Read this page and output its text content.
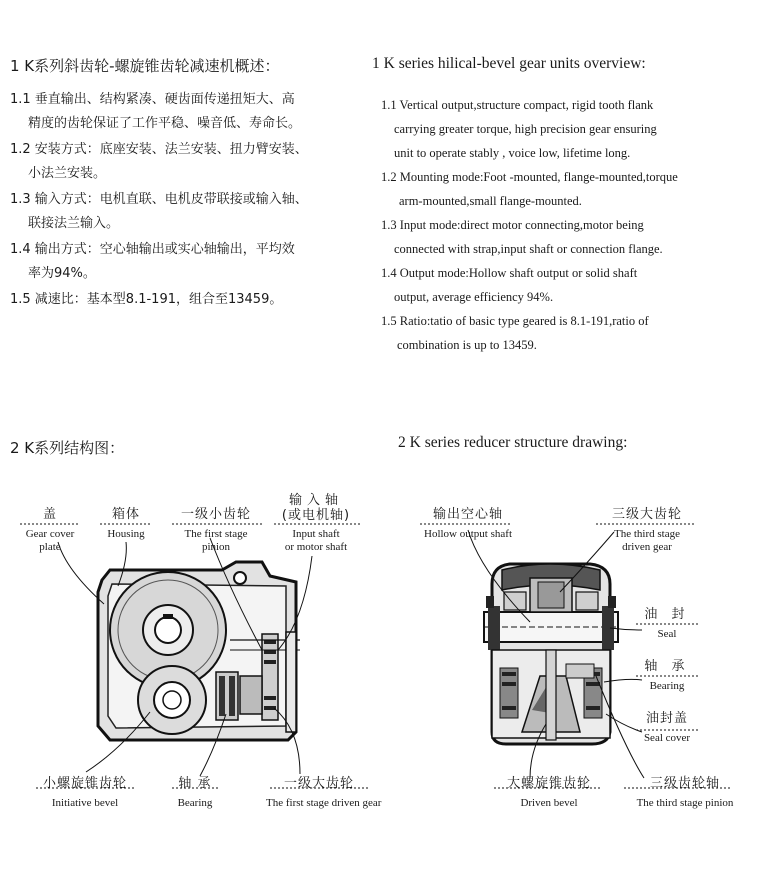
1 K系列斜齿轮-螺旋锥齿轮减速机概述：	1 K series hilical-bevel gear units overview:

1.1 垂直输出、结构紧凑、硬齿面传递扭矩大、高
精度的齿轮保证了工作平稳、噪音低、寿命长。

1.2 安装方式：底座安装、法兰安装、扭力臂安装、
小法兰安装。

1.3 输入方式：电机直联、电机皮带联接或输入轴、
联接法兰输入。

1.4 输出方式：空心轴输出或实心轴输出，平均效
率为94%。

1.5 减速比：基本型8.1-191，组合至13459。

1.1 Vertical output,structure compact, rigid tooth flank
carrying greater torque, high precision gear ensuring
unit to operate stably , voice low, lifetime long.

1.2 Mounting mode:Foot -mounted, flange-mounted,torque
arm-mounted,small flange-mounted.

1.3 Input mode:direct motor connecting,motor being
connected with strap,input shaft or connection flange.

1.4 Output mode:Hollow shaft output or solid shaft
output, average efficiency 94%.

1.5 Ratio:tatio of basic type geared is 8.1-191,ratio of
combination is up to 13459.

2 K系列结构图：	2 K series reducer structure drawing:
盖
Gear cover
plate
箱体
Housing
一级小齿轮
The first stage
pinion
输入轴
(或电机轴)
Input shaft
or motor shaft
小螺旋锥齿轮
Initiative bevel
轴 承
Bearing
一级大齿轮
The first stage driven gear
输出空心轴
Hollow output shaft
三级大齿轮
The third stage
driven gear
油 封
Seal
轴 承
Bearing
油封盖
Seal cover
大螺旋锥齿轮
Driven bevel
三级齿轮轴
The third stage pinion
